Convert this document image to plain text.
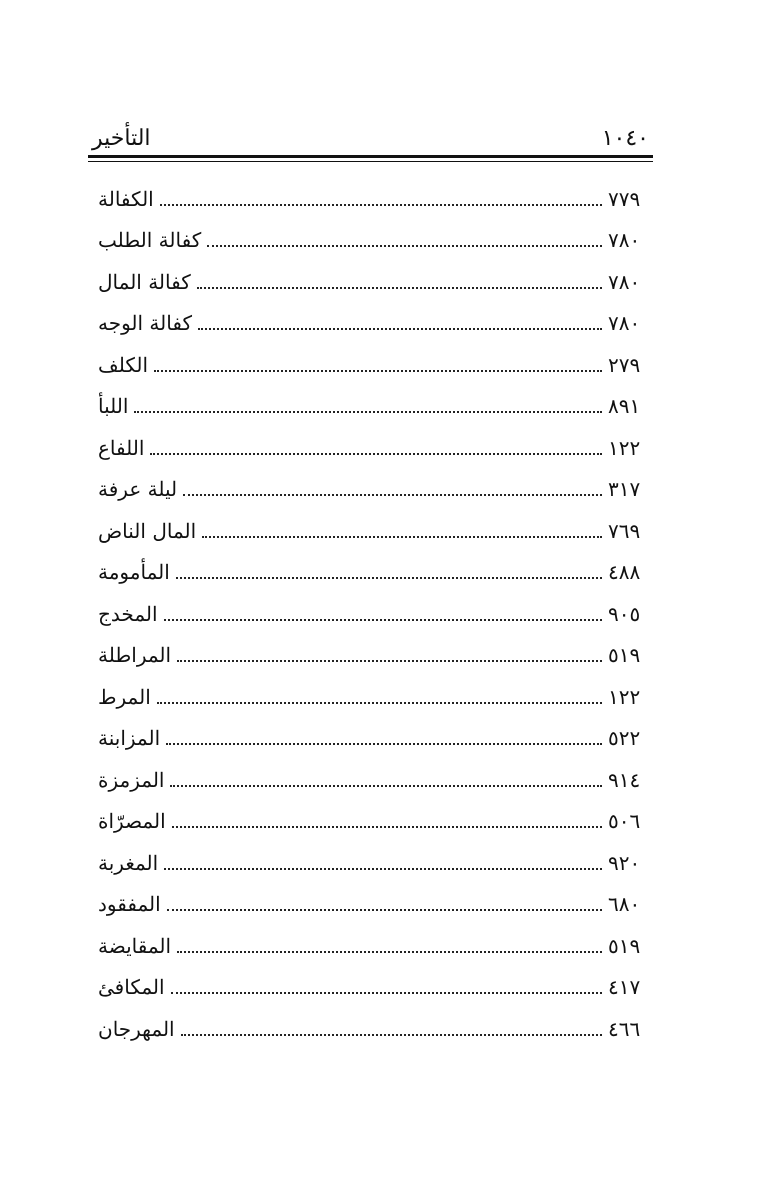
التأخير	١٠٤٠
الكفالة	٧٧٩
كفالة الطلب	٧٨٠
كفالة المال	٧٨٠
كفالة الوجه	٧٨٠
الكلف	٢٧٩
اللبأ	٨٩١
اللفاع	١٢٢
ليلة عرفة	٣١٧
المال الناض	٧٦٩
المأمومة	٤٨٨
المخدج	٩٠٥
المراطلة	٥١٩
المرط	١٢٢
المزابنة	٥٢٢
المزمزة	٩١٤
المصرّاة	٥٠٦
المغربة	٩٢٠
المفقود	٦٨٠
المقايضة	٥١٩
المكافئ	٤١٧
المهرجان	٤٦٦
